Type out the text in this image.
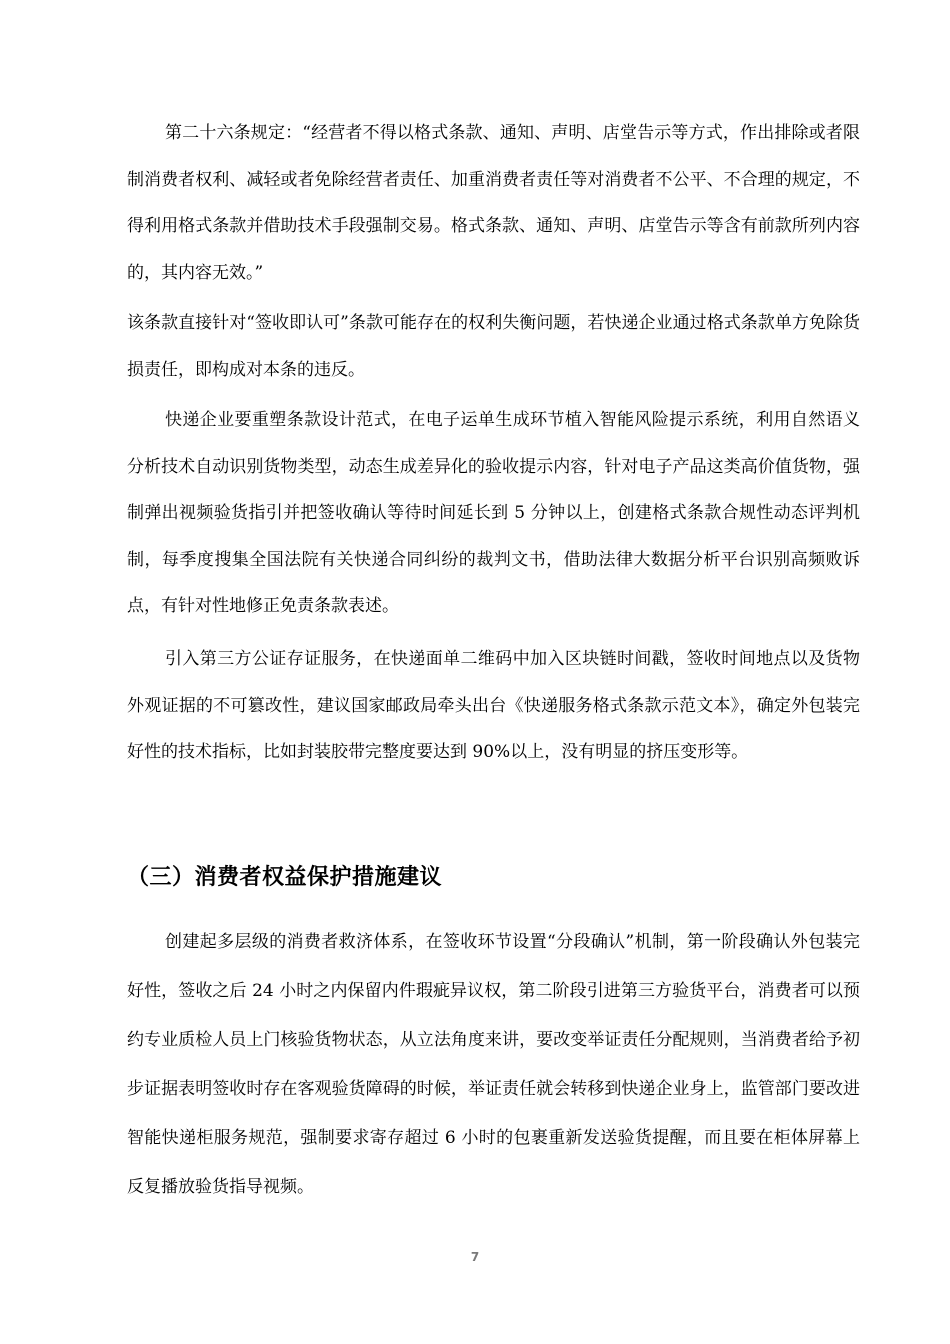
第二十六条规定：“经营者不得以格式条款、通知、声明、店堂告示等方式，作出排除或者限制消费者权利、减轻或者免除经营者责任、加重消费者责任等对消费者不公平、不合理的规定，不得利用格式条款并借助技术手段强制交易。格式条款、通知、声明、店堂告示等含有前款所列内容的，其内容无效。”

该条款直接针对“签收即认可”条款可能存在的权利失衡问题，若快递企业通过格式条款单方免除货损责任，即构成对本条的违反。

快递企业要重塑条款设计范式，在电子运单生成环节植入智能风险提示系统，利用自然语义分析技术自动识别货物类型，动态生成差异化的验收提示内容，针对电子产品这类高价值货物，强制弹出视频验货指引并把签收确认等待时间延长到 5 分钟以上，创建格式条款合规性动态评判机制，每季度搜集全国法院有关快递合同纠纷的裁判文书，借助法律大数据分析平台识别高频败诉点，有针对性地修正免责条款表述。

引入第三方公证存证服务，在快递面单二维码中加入区块链时间戳，签收时间地点以及货物外观证据的不可篡改性，建议国家邮政局牵头出台《快递服务格式条款示范文本》，确定外包装完好性的技术指标，比如封装胶带完整度要达到 90%以上，没有明显的挤压变形等。

（三）消费者权益保护措施建议

创建起多层级的消费者救济体系，在签收环节设置“分段确认”机制，第一阶段确认外包装完好性，签收之后 24 小时之内保留内件瑕疵异议权，第二阶段引进第三方验货平台，消费者可以预约专业质检人员上门核验货物状态，从立法角度来讲，要改变举证责任分配规则，当消费者给予初步证据表明签收时存在客观验货障碍的时候，举证责任就会转移到快递企业身上，监管部门要改进智能快递柜服务规范，强制要求寄存超过 6 小时的包裹重新发送验货提醒，而且要在柜体屏幕上反复播放验货指导视频。

7
